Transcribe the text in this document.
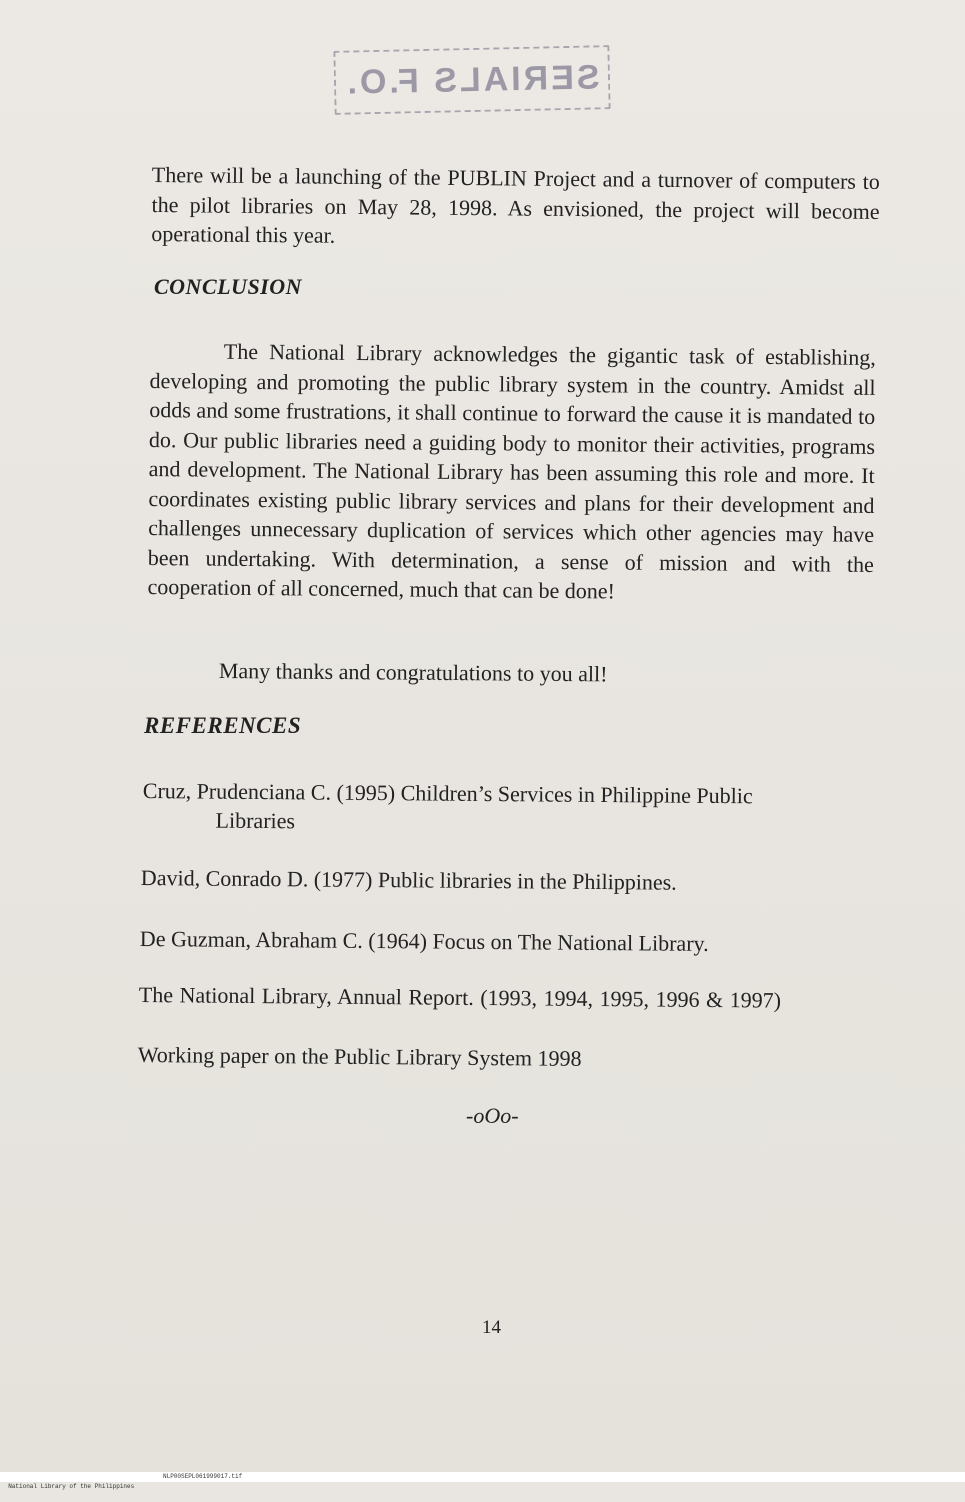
SERIALS F.O.
There will be a launching of the PUBLIN Project and a turnover of computers to the pilot libraries on May 28, 1998. As envisioned, the project will become operational this year.
CONCLUSION
The National Library acknowledges the gigantic task of establishing, developing and promoting the public library system in the country. Amidst all odds and some frustrations, it shall continue to forward the cause it is mandated to do. Our public libraries need a guiding body to monitor their activities, programs and development. The National Library has been assuming this role and more. It coordinates existing public library services and plans for their development and challenges unnecessary duplication of services which other agencies may have been undertaking. With determination, a sense of mission and with the cooperation of all concerned, much that can be done!
Many thanks and congratulations to you all!
REFERENCES
Cruz, Prudenciana C. (1995) Children’s Services in Philippine Public
Libraries
David, Conrado D. (1977) Public libraries in the Philippines.
De Guzman, Abraham C. (1964) Focus on The National Library.
The National Library, Annual Report. (1993, 1994, 1995, 1996 & 1997)
Working paper on the Public Library System 1998
-oOo-
14

National Library of the Philippines

NLP00SEPL061999017.tif
